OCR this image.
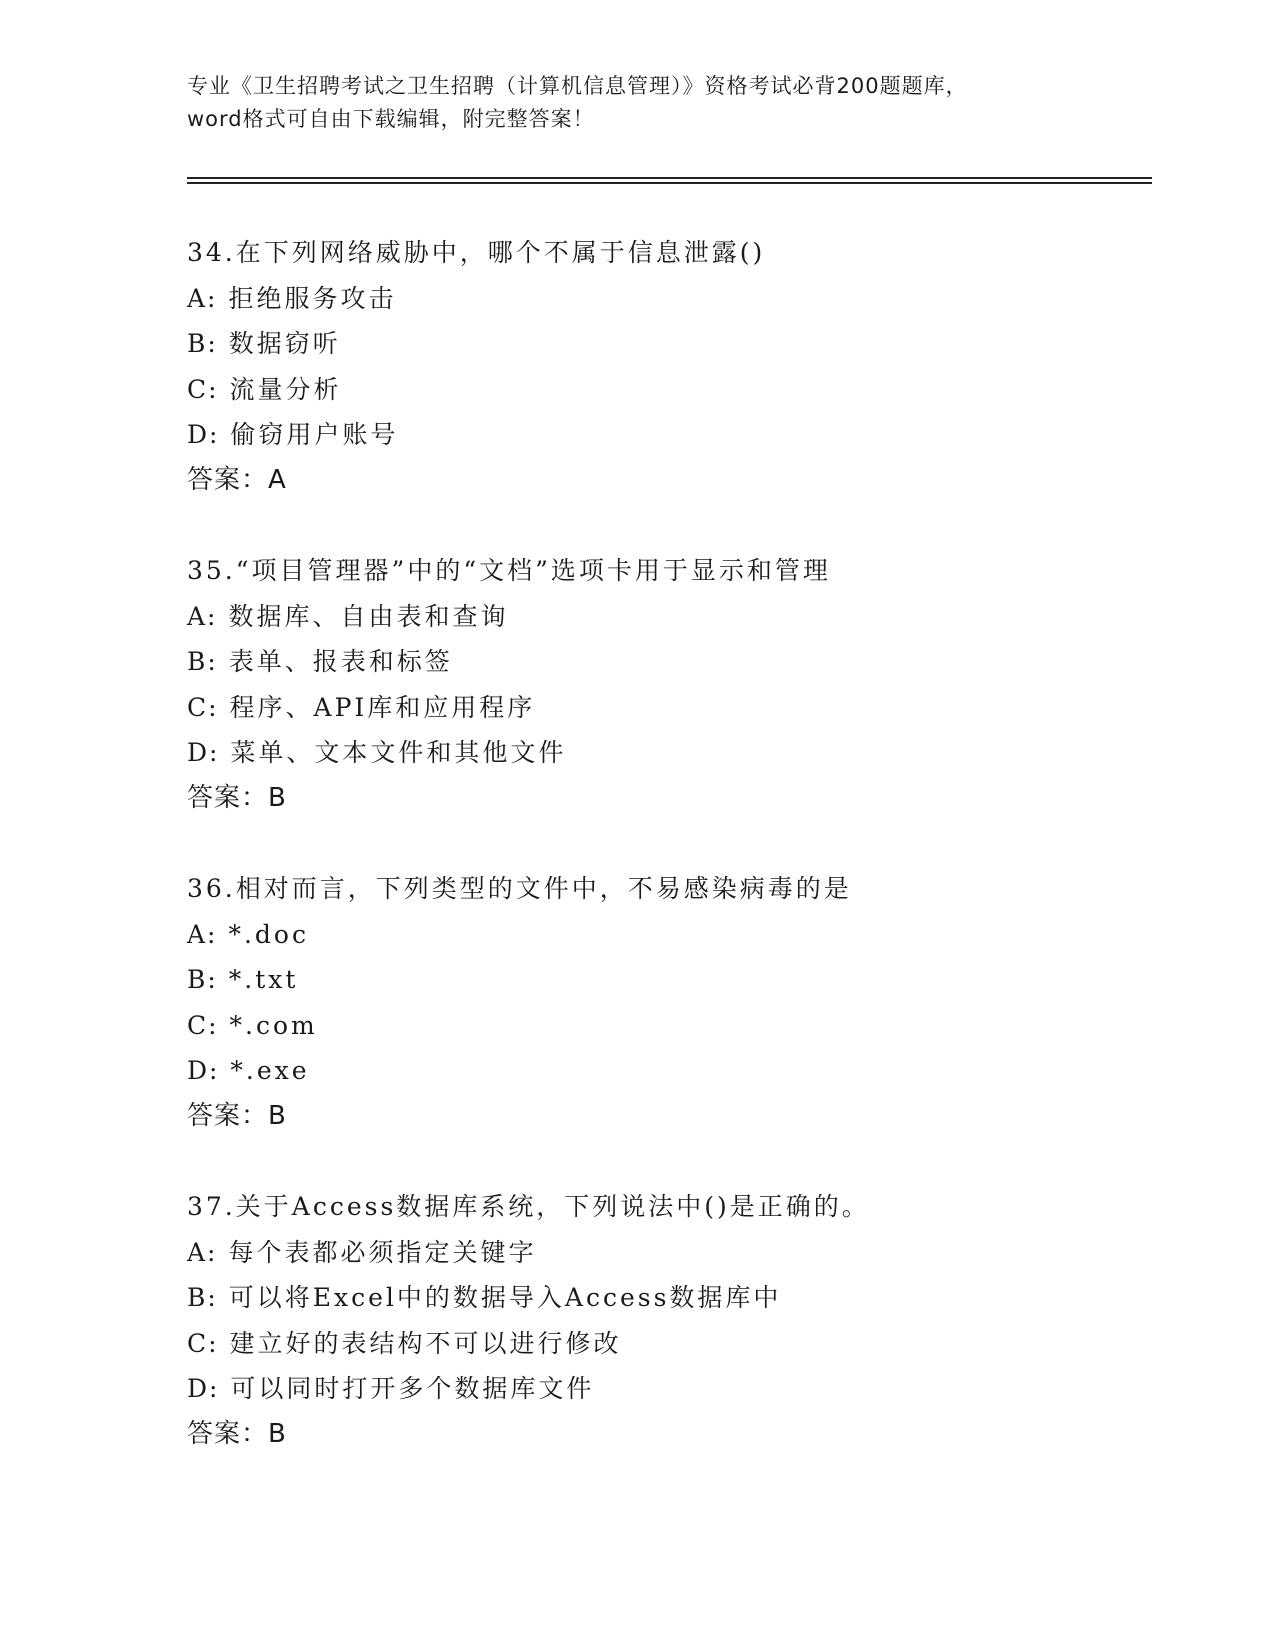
专业《卫生招聘考试之卫生招聘（计算机信息管理）》资格考试必背200题题库，
word格式可自由下载编辑，附完整答案！
34.在下列网络威胁中，哪个不属于信息泄露()
A: 拒绝服务攻击
B: 数据窃听
C: 流量分析
D: 偷窃用户账号
答案：A
35.“项目管理器”中的“文档”选项卡用于显示和管理
A: 数据库、自由表和查询
B: 表单、报表和标签
C: 程序、API库和应用程序
D: 菜单、文本文件和其他文件
答案：B
36.相对而言，下列类型的文件中，不易感染病毒的是
A: *.doc
B: *.txt
C: *.com
D: *.exe
答案：B
37.关于Access数据库系统，下列说法中()是正确的。
A: 每个表都必须指定关键字
B: 可以将Excel中的数据导入Access数据库中
C: 建立好的表结构不可以进行修改
D: 可以同时打开多个数据库文件
答案：B
